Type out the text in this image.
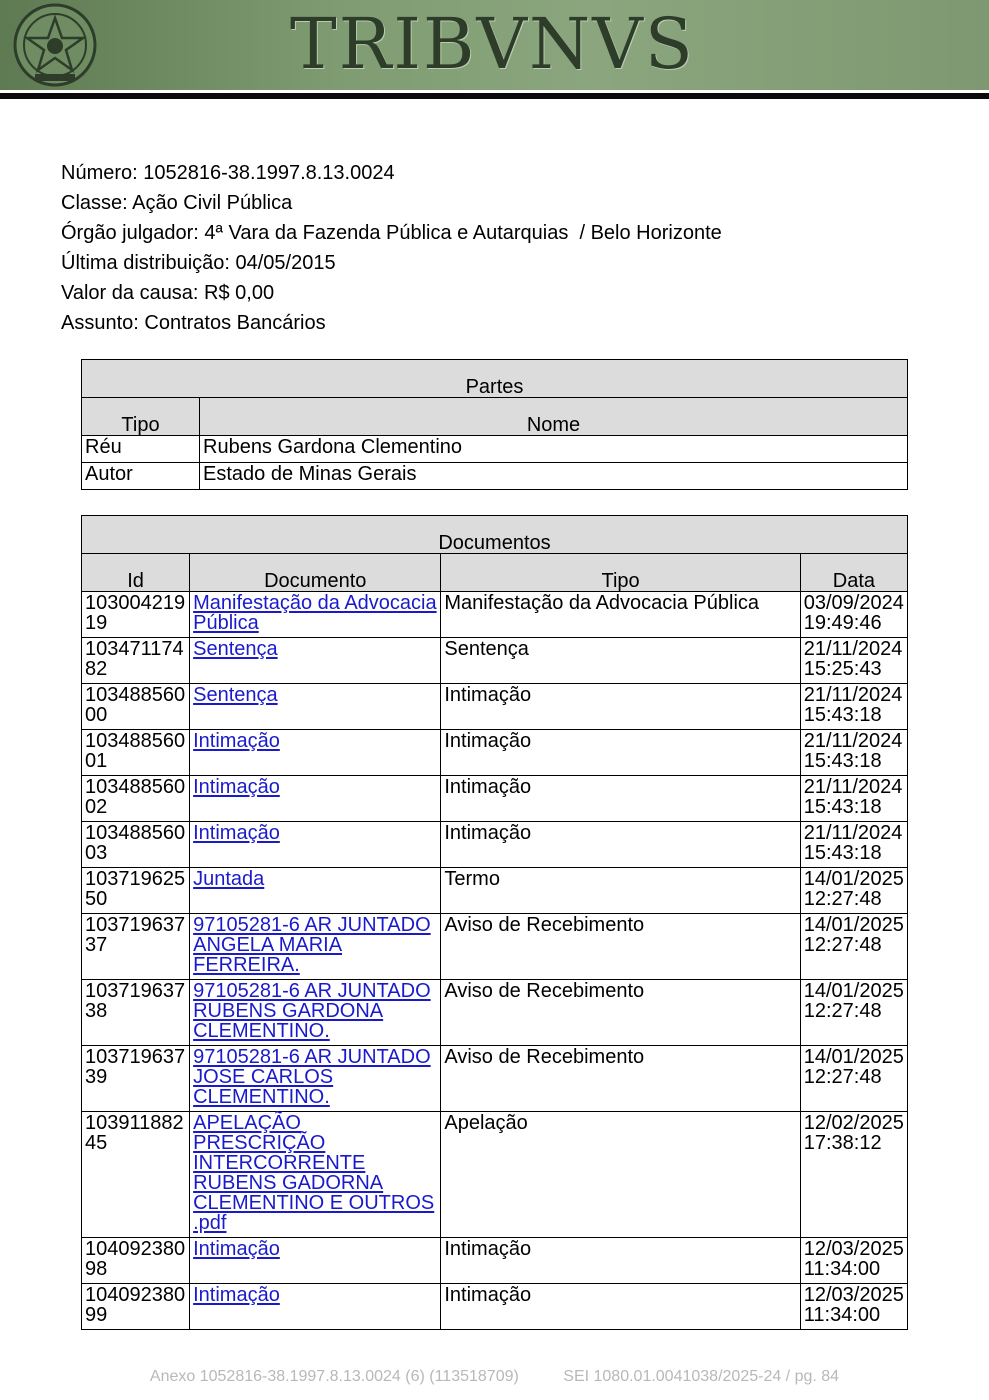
TRIBVNVS
Número: 1052816-38.1997.8.13.0024
Classe: Ação Civil Pública
Órgão julgador: 4ª Vara da Fazenda Pública e Autarquias  / Belo Horizonte
Última distribuição: 04/05/2015
Valor da causa: R$ 0,00
Assunto: Contratos Bancários
Partes	
Tipo	Nome
Réu	Rubens Gardona Clementino
Autor	Estado de Minas Gerais
Documentos			
Id	Documento	Tipo	Data

10300421919	Manifestação da Advocacia Pública	Manifestação da Advocacia Pública	03/09/2024 19:49:46

10347117482	Sentença	Sentença	21/11/2024 15:25:43

10348856000	Sentença	Intimação	21/11/2024 15:43:18

10348856001	Intimação	Intimação	21/11/2024 15:43:18

10348856002	Intimação	Intimação	21/11/2024 15:43:18

10348856003	Intimação	Intimação	21/11/2024 15:43:18

10371962550	Juntada	Termo	14/01/2025 12:27:48

10371963737	97105281-6 AR JUNTADO ANGELA MARIA FERREIRA.	Aviso de Recebimento	14/01/2025 12:27:48

10371963738	97105281-6 AR JUNTADO RUBENS GARDONA CLEMENTINO.	Aviso de Recebimento	14/01/2025 12:27:48

10371963739	97105281-6 AR JUNTADO JOSE CARLOS CLEMENTINO.	Aviso de Recebimento	14/01/2025 12:27:48

10391188245	APELAÇÃO PRESCRIÇÃO INTERCORRENTE RUBENS GADORNA CLEMENTINO E OUTROS .pdf	Apelação	12/02/2025 17:38:12

10409238098	Intimação	Intimação	12/03/2025 11:34:00

10409238099	Intimação	Intimação	12/03/2025 11:34:00
Anexo 1052816-38.1997.8.13.0024 (6) (113518709)	SEI 1080.01.0041038/2025-24 / pg. 84
